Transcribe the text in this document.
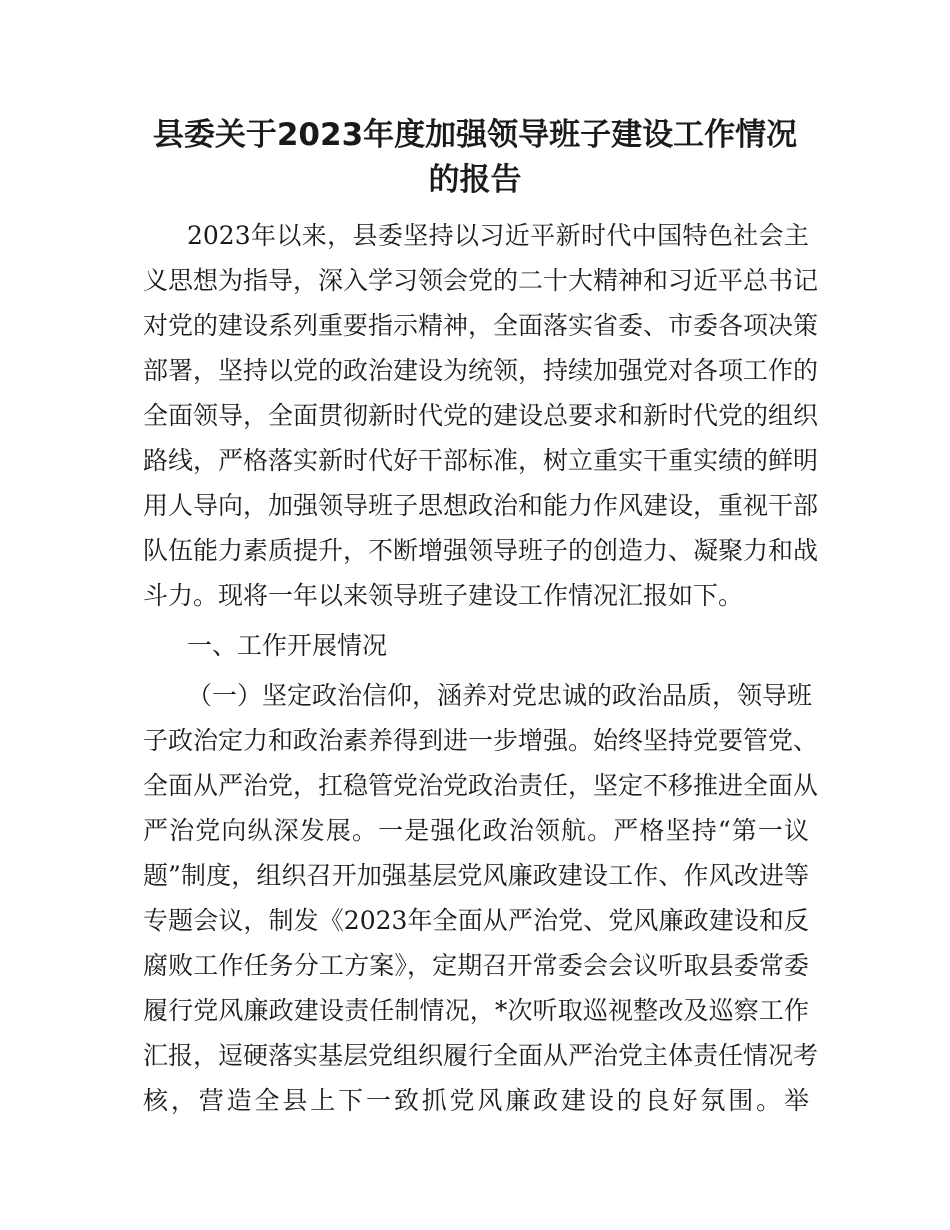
县委关于2023年度加强领导班子建设工作情况
的报告
2023年以来，县委坚持以习近平新时代中国特色社会主
义思想为指导，深入学习领会党的二十大精神和习近平总书记
对党的建设系列重要指示精神，全面落实省委、市委各项决策
部署，坚持以党的政治建设为统领，持续加强党对各项工作的
全面领导，全面贯彻新时代党的建设总要求和新时代党的组织
路线，严格落实新时代好干部标准，树立重实干重实绩的鲜明
用人导向，加强领导班子思想政治和能力作风建设，重视干部
队伍能力素质提升，不断增强领导班子的创造力、凝聚力和战
斗力。现将一年以来领导班子建设工作情况汇报如下。
一、工作开展情况
（一）坚定政治信仰，涵养对党忠诚的政治品质，领导班
子政治定力和政治素养得到进一步增强。始终坚持党要管党、
全面从严治党，扛稳管党治党政治责任，坚定不移推进全面从
严治党向纵深发展。一是强化政治领航。严格坚持“第一议
题”制度，组织召开加强基层党风廉政建设工作、作风改进等
专题会议，制发《2023年全面从严治党、党风廉政建设和反
腐败工作任务分工方案》，定期召开常委会会议听取县委常委
履行党风廉政建设责任制情况，*次听取巡视整改及巡察工作
汇报，逗硬落实基层党组织履行全面从严治党主体责任情况考
核，营造全县上下一致抓党风廉政建设的良好氛围。举
